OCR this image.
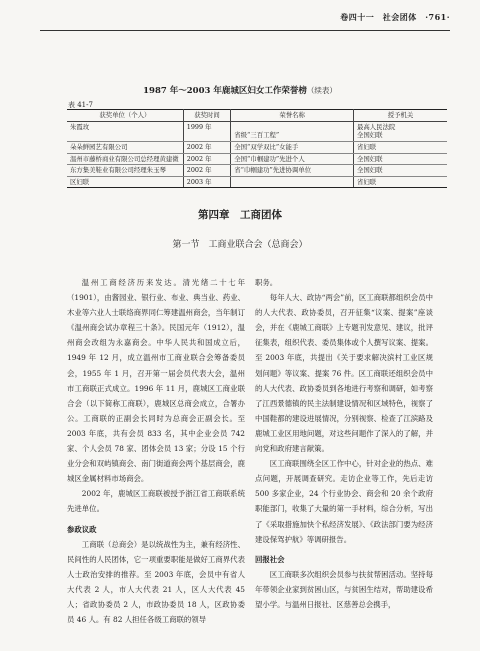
卷四十一　社会团体　·761·
1987 年～2003 年鹿城区妇女工作荣誉榜（续表）
表 41-7
获奖单位（个人）	获奖时间	荣誉名称	授予机关

朱霞玫	1999 年	省级“三百工程”	最高人民法院
全国妇联

朵朵鲜园艺有限公司	2002 年	全国“双学双比”女能手	省妇联
温州市藤桥商业有限公司总经理黄建微	2002 年	全国“巾帼建功”先进个人	全国妇联
东方集美鞋业有限公司经理朱玉琴	2002 年	省“巾帼建功”先进协调单位	全国妇联
区妇联	2003 年		省妇联
第四章　工商团体
第一节　工商业联合会（总商会）

温州工商经济历来发达。清光绪二十七年（1901），由酱园业、银行业、布业、典当业、药业、木业等六业人士联络商界同仁筹建温州商会，当年制订《温州商会试办章程三十条》。民国元年（1912），温州商会改组为永嘉商会。中华人民共和国成立后，1949 年 12 月，成立温州市工商业联合会筹备委员会，1955 年 1 月，召开第一届会员代表大会，温州市工商联正式成立。1996 年 11 月，鹿城区工商业联合会（以下简称工商联），鹿城区总商会成立，合署办公。工商联的正副会长同时为总商会正副会长。至 2003 年底，共有会员 833 名，其中企业会员 742 家、个人会员 78 家、团体会员 13 家；分设 15 个行业分会和双屿镇商会、南门街道商会两个基层商会，鹿城区金属材料市场商会。

2002 年，鹿城区工商联被授予浙江省工商联系统先进单位。

参政议政

工商联（总商会）是以统战性为主，兼有经济性、民间性的人民团体，它一项重要职能是做好工商界代表人士政治安排的推荐。至 2003 年底，会员中有省人大代表 2 人，市人大代表 21 人，区人大代表 45 人；省政协委员 2 人，市政协委员 18 人，区政协委员 46 人。有 82 人担任各级工商联的领导

职务。

每年人大、政协“两会”前，区工商联都组织会员中的人大代表、政协委员，召开征集“议案、提案”座谈会，并在《鹿城工商联》上专题刊发意见、建议，批评征集表，组织代表、委员集体或个人撰写议案、提案。至 2003 年底，共提出《关于要求解决滨村工业区规划问题》等议案、提案 76 件。区工商联还组织会员中的人大代表、政协委员到各地进行考察和调研，如考察了江西景德镇的民主法制建设情况和区域特色，视察了中国鞋都的建设进展情况，分别视察、检查了江滨路及鹿城工业区用地问题，对这些问题作了深入的了解，并向党和政府建言献策。

区工商联围绕全区工作中心，针对企业的热点、难点问题，开展调查研究。走访企业等工作，先后走访 500 多家企业，24 个行业协会、商会和 20 余个政府职能部门，收集了大量的第一手材料，综合分析，写出了《采取措施加快个私经济发展》、《政法部门要为经济建设保驾护航》等调研报告。

回报社会

区工商联多次组织会员参与扶贫帮困活动。坚持每年带领企业家到贫困山区，与贫困生结对，帮助建设希望小学。与温州日报社、区慈善总会携手，
